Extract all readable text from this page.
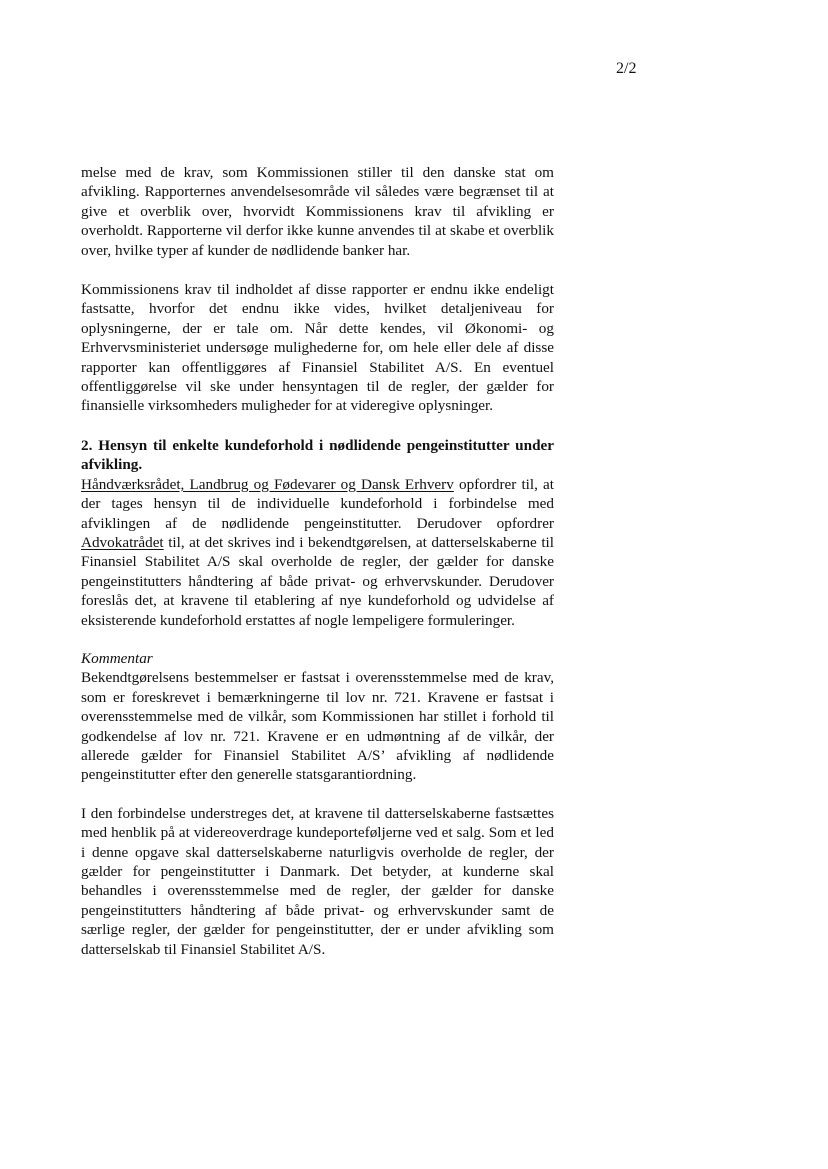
2/2

melse med de krav, som Kommissionen stiller til den danske stat om afvikling. Rapporternes anvendelsesområde vil således være begrænset til at give et overblik over, hvorvidt Kommissionens krav til afvikling er overholdt. Rapporterne vil derfor ikke kunne anvendes til at skabe et overblik over, hvilke typer af kunder de nødlidende banker har.

Kommissionens krav til indholdet af disse rapporter er endnu ikke endeligt fastsatte, hvorfor det endnu ikke vides, hvilket detaljeniveau for oplysningerne, der er tale om. Når dette kendes, vil Økonomi- og Erhvervsministeriet undersøge mulighederne for, om hele eller dele af disse rapporter kan offentliggøres af Finansiel Stabilitet A/S. En eventuel offentliggørelse vil ske under hensyntagen til de regler, der gælder for finansielle virksomheders muligheder for at videregive oplysninger.

2. Hensyn til enkelte kundeforhold i nødlidende pengeinstitutter under afvikling.

Håndværksrådet, Landbrug og Fødevarer og Dansk Erhverv opfordrer til, at der tages hensyn til de individuelle kundeforhold i forbindelse med afviklingen af de nødlidende pengeinstitutter. Derudover opfordrer Advokatrådet til, at det skrives ind i bekendtgørelsen, at datterselskaberne til Finansiel Stabilitet A/S skal overholde de regler, der gælder for danske pengeinstitutters håndtering af både privat- og erhvervskunder. Derudover foreslås det, at kravene til etablering af nye kundeforhold og udvidelse af eksisterende kundeforhold erstattes af nogle lempeligere formuleringer.

Kommentar

Bekendtgørelsens bestemmelser er fastsat i overensstemmelse med de krav, som er foreskrevet i bemærkningerne til lov nr. 721. Kravene er fastsat i overensstemmelse med de vilkår, som Kommissionen har stillet i forhold til godkendelse af lov nr. 721. Kravene er en udmøntning af de vilkår, der allerede gælder for Finansiel Stabilitet A/S’ afvikling af nødlidende pengeinstitutter efter den generelle statsgarantiordning.

I den forbindelse understreges det, at kravene til datterselskaberne fastsættes med henblik på at videreoverdrage kundeporteføljerne ved et salg. Som et led i denne opgave skal datterselskaberne naturligvis overholde de regler, der gælder for pengeinstitutter i Danmark. Det betyder, at kunderne skal behandles i overensstemmelse med de regler, der gælder for danske pengeinstitutters håndtering af både privat- og erhvervskunder samt de særlige regler, der gælder for pengeinstitutter, der er under afvikling som datterselskab til Finansiel Stabilitet A/S.
